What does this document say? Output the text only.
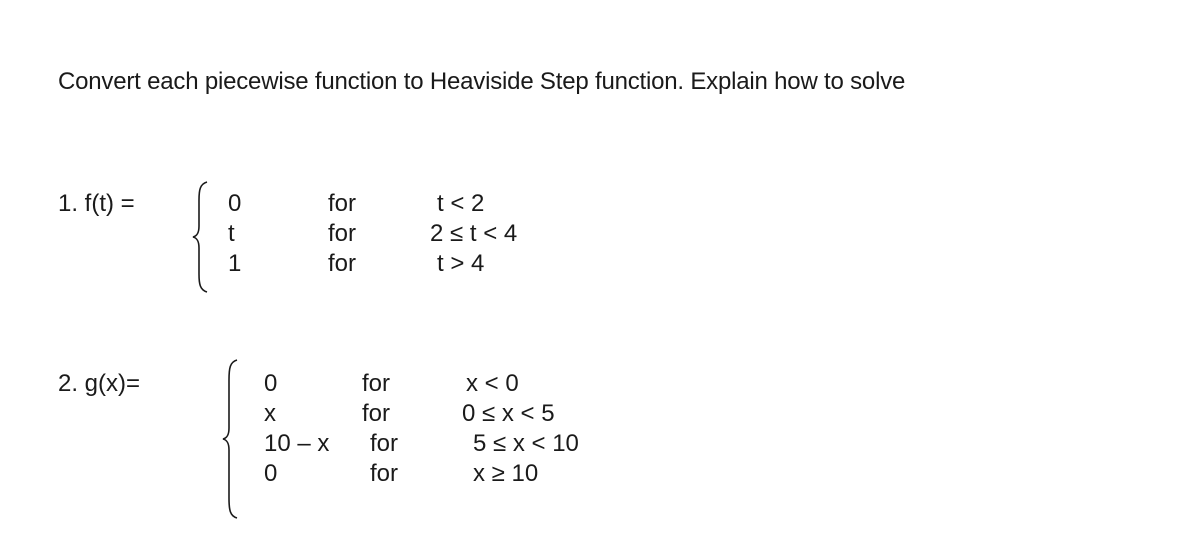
Convert each piecewise function to Heaviside Step function. Explain how to solve
1. f(t) =	0
t
1
for
for
for
t < 2
2 ≤ t < 4
t > 4
2. g(x)=	0
x
10 – x
0
for
for
for
for
x < 0
0 ≤ x < 5
5 ≤ x < 10
x ≥ 10
